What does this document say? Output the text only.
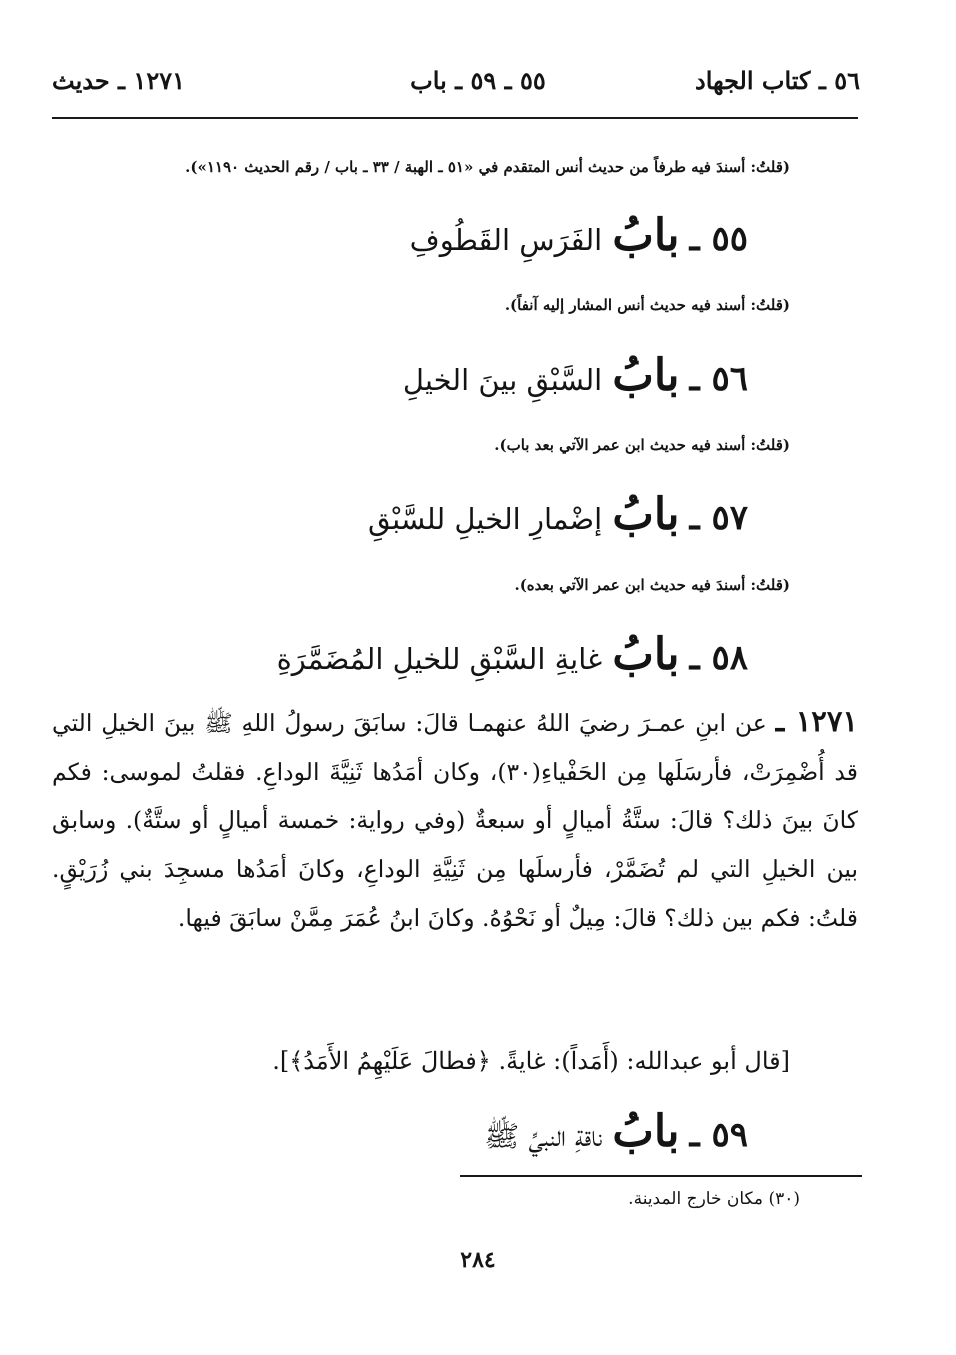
٥٦ ـ كتاب الجهاد
٥٥ ـ ٥٩ ـ باب
١٢٧١ ـ حديث
(قلتُ: أسندَ فيه طرفاً من حديث أنس المتقدم في «٥١ ـ الهبة / ٣٣ ـ باب / رقم الحديث ١١٩٠»).
٥٥ ـ بابُ الفَرَسِ القَطُوفِ
(قلتُ: أسند فيه حديث أنس المشار إليه آنفاً).
٥٦ ـ بابُ السَّبْقِ بينَ الخيلِ
(قلتُ: أسند فيه حديث ابن عمر الآتي بعد باب).
٥٧ ـ بابُ إضْمارِ الخيلِ للسَّبْقِ
(قلتُ: أسندَ فيه حديث ابن عمر الآتي بعده).
٥٨ ـ بابُ غايةِ السَّبْقِ للخيلِ المُضَمَّرَةِ
١٢٧١ ـ عن ابنِ عمـرَ رضيَ اللهُ عنهمـا قالَ: سابَقَ رسولُ اللهِ ﷺ بينَ الخيلِ التي قد أُضْمِرَتْ، فأرسَلَها مِن الحَفْياءِ(٣٠)، وكان أمَدُها ثَنِيَّةَ الوداعِ. فقلتُ لموسى: فكم كانَ بينَ ذلك؟ قالَ: ستَّةُ أميالٍ أو سبعةٌ (وفي رواية: خمسة أميالٍ أو ستَّةٌ). وسابق بين الخيلِ التي لم تُضَمَّرْ، فأرسلَها مِن ثَنِيَّةِ الوداعِ، وكانَ أمَدُها مسجِدَ بني زُرَيْقٍ. قلتُ: فكم بين ذلك؟ قالَ: مِيلٌ أو نَحْوُهُ. وكانَ ابنُ عُمَرَ مِمَّنْ سابَقَ فيها.
[قال أبو عبدالله: (أَمَداً): غايةً. ﴿فطالَ عَلَيْهِمُ الأَمَدُ﴾].
٥٩ ـ بابُ ناقةِ النبيِّ ﷺ
(٣٠) مكان خارج المدينة.
٢٨٤
